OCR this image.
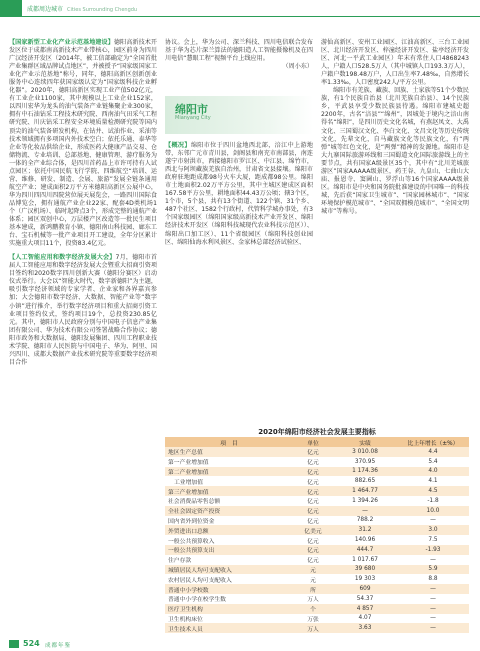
成都周边城市 Cities Surrounding Chengdu

【国家新型工业化产业示范基地建设】德阳高新技术开发区位于成都南高新技术产业带核心，园区前身为四川广汉经济开发区（2014年，被工信部确定为“全国首批产业集群区域品牌试点地区”，并被授予“国家级国家工业化产业示范基地”称号，同年，德阳高新区创新创业服务中心连续四年获国家级认定为“国家级科技企业孵化器”。2020年，德阳高新区实现工业产值502亿元，有工业企业1100家，其中规模以上工业企业152家，以四川宏华为龙头的油气装备产业链集聚企业300家，拥有中石油钻采工程技术研究院、西南油气田采气工程研究院、川庆钻采工程安全环境质量检测研究院等国内顶尖的油气装备研发机构，在钻井、试油作业、采油等技术领域拥有多项国内外技术空白；依托乐通、泰华等企业等化妆品供给企业，形成医药大健康产品交易、仓储物流、专业培训、总部基地、健康管理、游疗服务为一体的全产业综合体，是四川首药品上市许可持有人试点园区；依托中国民航飞行学院、四维航空“培训、运营、维修、研发、制造、会展、旅游”发展全链条通用航空产业；建成面积2万平方米德阳高新区公展中心，华为四川四四川四院营位展天展览会，一路四川国际食品博览会，拥有通航产业企业22家、配套4D类机场1个（广汉机场）、临时起降点3个，形成完整的通航产业体系；园区双创中心，万层楼产区改造等一批民生项目基本建成，新鸿鹏教育小镇、德阳南山科技园、廊东工台、宝石机械等一批产业项目开工建设，全年分区累计实施重大项目11个，投资83.4亿元。

【人工智能应用和数字经济发展大会】7月，德阳市首届人工智能应用和数字经济发展大会暨重大招商引资项目签约和2020数字四川创新大赛（德阳分赛区）启动仪式举行。大会以“智能大时代，数字新德阳”为主题，吸引数字经济领域的专家学者、企业家和各界嘉宾参加；大会德阳市数字经济、大数据、智能产业等“数字小镇”进行推介，举行数字经济项目和重大招商引资工业项目签约仪式，签约项目19个，总投资230.85亿元。其中，德阳市人民政府分别与中国电子信息产业集团有限公司、华为技术有限公司签署战略合作协议；德阳市政务和大数据局、德阳发展集团、四川工程职业技术学院、德阳市人民医院与中国电子、华为、阿里、国兴四川、成都大数据产业技术研究院等重要数字经济项目合作

协议。会上，华为公司、深兰科技、四川电信联合发布基于华为芯片深兰算法的德阳造人工智能摄像机及在四川电信“慧眼工程”视频平台上线应用。

（周小东）

绵阳市
Mianyang City

【概况】绵阳市位于四川盆地西北部，涪江中上游地带，东邻广元市青川县，剑阁县和南充市南部县，南连遂宁市射洪市，西接德阳市罗江区、中江县、绵竹市，西北与阿坝藏族羌族自治州，甘肃省文县接壤。绵阳市政府驻地距成都98号火车大厦，距成都98公里。绵阳市土地面积2.02万平方公里，其中主城区建成区面积167.58平方公里，耕地面积44.43万公顷；辖3个区，1个市，5个县，共有13个街道、122个镇、31个乡、487个社区、1582个行政村，代管科学城办事处，有3个国家级园区（绵阳国家级高新技术产业开发区、绵阳经济技术开发区（绵阳科技城现代农业科技示范区））、绵阳出口加工区）、11个省级园区（绵阳科技创业园区、绵阳仙海水利风景区、金家林总部经济试验区、

游仙高新区、安州工业园区、江油高新区、三台工业园区、北川经济开发区、梓潼经济开发区、盐亭经济开发区、河北一平武工业园区）年末有常住人口4868243人，户籍人口528.5万人（其中城镇人口193.3万人），户籍户数198.48万户，人口出生率7.48‰，自然增长率1.33‰，人口密度242人/平方公里。

绵阳市有羌族、藏族、回族、土家族等51个少数民族，有1个民族自治县（北川羌族自治县）、14个民族乡，平武县享受少数民族县待遇。绵阳市建城史超2200年，古名“涪县”“绵州”，因城处于境内之涪山南得名“绵阳”，是四川历史文化名城，有燕赵凤文、大禹文化、三国蜀汉文化、李白文化、文昌文化等历史传统文化，先辈文化，自马藏族文化等民族文化，有“两弹”城等红色文化，是“两弹”精神的发源地。绵阳市是大九寨国际旅游环线和三国蜀道文化国际旅游线上的主要节点，共有国家A级景区35个，其中有“北川羌城旅游区”国家AAAAA级景区，药王谷、九皇山、七曲山大庙、报恩寺、窦圌山、罗浮山等16个国家AAAA级景区。绵阳市是中央和国务院批准建设的中国唯一的科技城，先后获“国家卫生城市”、“国家园林城市”、“国家环境保护模范城市”、“全国双拥模范城市”、“全国文明城市”等称号。

2020年绵阳市经济社会发展主要指标
项　目	单位	实绩	比上年增长（±%）
地区生产总值	亿元	3 010.08	4.4
第一产业增加值	亿元	370.95	5.4
第二产业增加值	亿元	1 174.36	4.0
工业增加值	亿元	882.65	4.1
第三产业增加值	亿元	1 464.77	4.5
社会消费品零售总额	亿元	1 394.26	-1.8
全社会固定资产投资	亿元	—	10.0
国内省外到位资金	亿元	788.2	—
外贸进出口总额	亿美元	31.2	3.0
一般公共预算收入	亿元	140.96	7.5
一般公共预算支出	亿元	444.7	-1.93
住户存款	亿元	1 017.67	—
城镇居民人均可支配收入	元	39 680	5.9
农村居民人均可支配收入	元	19 303	8.8
普通中小学校数	所	609	—
普通中小学在校学生数	万人	54.37	—
医疗卫生机构	个	4 857	—
卫生机构床位	万张	4.07	—
卫生技术人员	万人	3.63	—
524 成都年鉴
